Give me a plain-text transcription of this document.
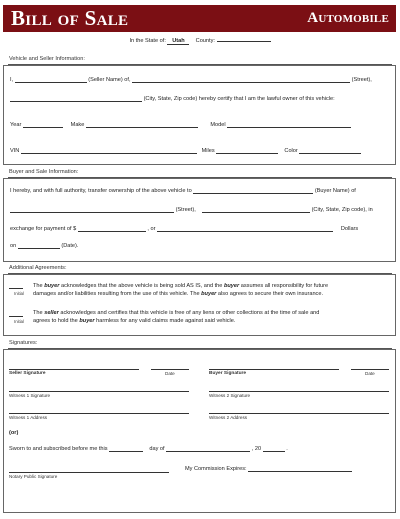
Bill of Sale	Automobile
In the State of: Utah County:
Vehicle and Seller Information:
I,	(Seller Name) of,	(Street),
(City, State, Zip code) hereby certify that I am the lawful owner of this vehicle:
Year	Make	Model
VIN	Miles	Color
Buyer and Sale Information:
I hereby, and with full authority, transfer ownership of the above vehicle to	(Buyer Name) of
(Street),	(City, State, Zip code), in
exchange for payment of $	, or	Dollars
on	(Date).
Additional Agreements:
Initial
The buyer acknowledges that the above vehicle is being sold AS IS, and the buyer assumes all responsibility for future
damages and/or liabilities resulting from the use of this vehicle. The buyer also agrees to secure their own insurance.
Initial
The seller acknowledges and certifies that this vehicle is free of any liens or other collections at the time of sale and
agrees to hold the buyer harmless for any valid claims made against said vehicle.
Signatures:
Seller Signature	Date	Buyer Signature	Date
Witness 1 Signature	Witness 2 Signature
Witness 1 Address	Witness 2 Address
(or)
Sworn to and subscribed before me this	day of	, 20	.
My Commission Expires:
Notary Public Signature
